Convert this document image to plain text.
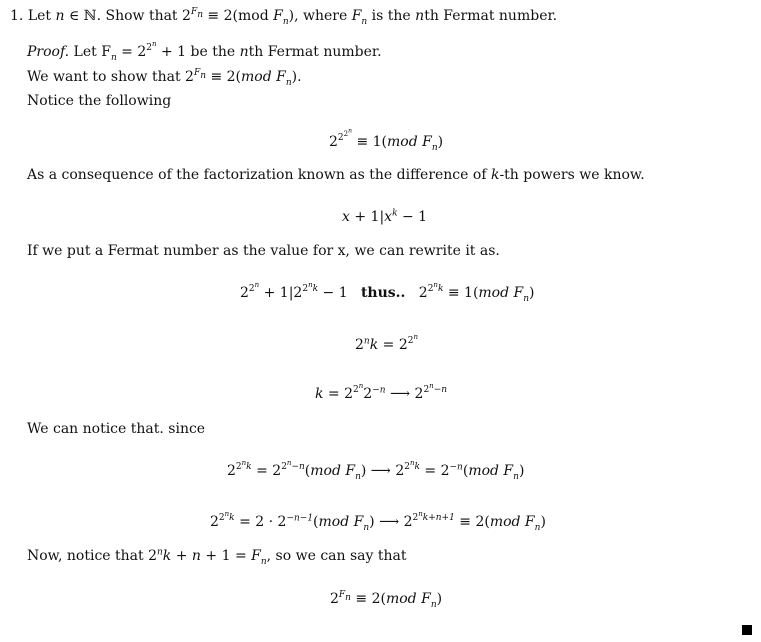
1. Let n ∈ ℕ. Show that $2^{F_n} \equiv 2(mod$ $F_n$), where $F_n$ is the nth Fermat number.
Proof. Let $F_n = 2^{2^n} + 1$ be the nth Fermat number.
We want to show that $2^{F_n} \equiv 2(mod$ $F_n$).
Notice the following
$2^{2^{2^n}} \equiv 1(mod$ $F_n$)
As a consequence of the factorization known as the difference of k-th powers we know.
$x + 1|x^k - 1$
If we put a Fermat number as the value for x, we can rewrite it as.
$2^{2^n} + 1|2^{2^nk} - 1$   thus..   $2^{2^nk} \equiv 1(mod$ $F_n$)
$2^nk = 2^{2^n}$
$k = 2^{2^n}2^{-n}$ ⟶ $2^{2^n-n}$
We can notice that. since
$2^{2^nk} = 2^{2^n-n}(mod$ $F_n$) ⟶ $2^{2^nk} = 2^{-n}(mod$ $F_n$)
$2^{2^nk} = 2 \cdot 2^{-n-1}(mod$ $F_n$) ⟶ $2^{2^nk+n+1} \equiv 2(mod$ $F_n$)
Now, notice that $2^nk + n + 1 = F_n$, so we can say that
$2^{F_n} \equiv 2(mod$ $F_n$)
